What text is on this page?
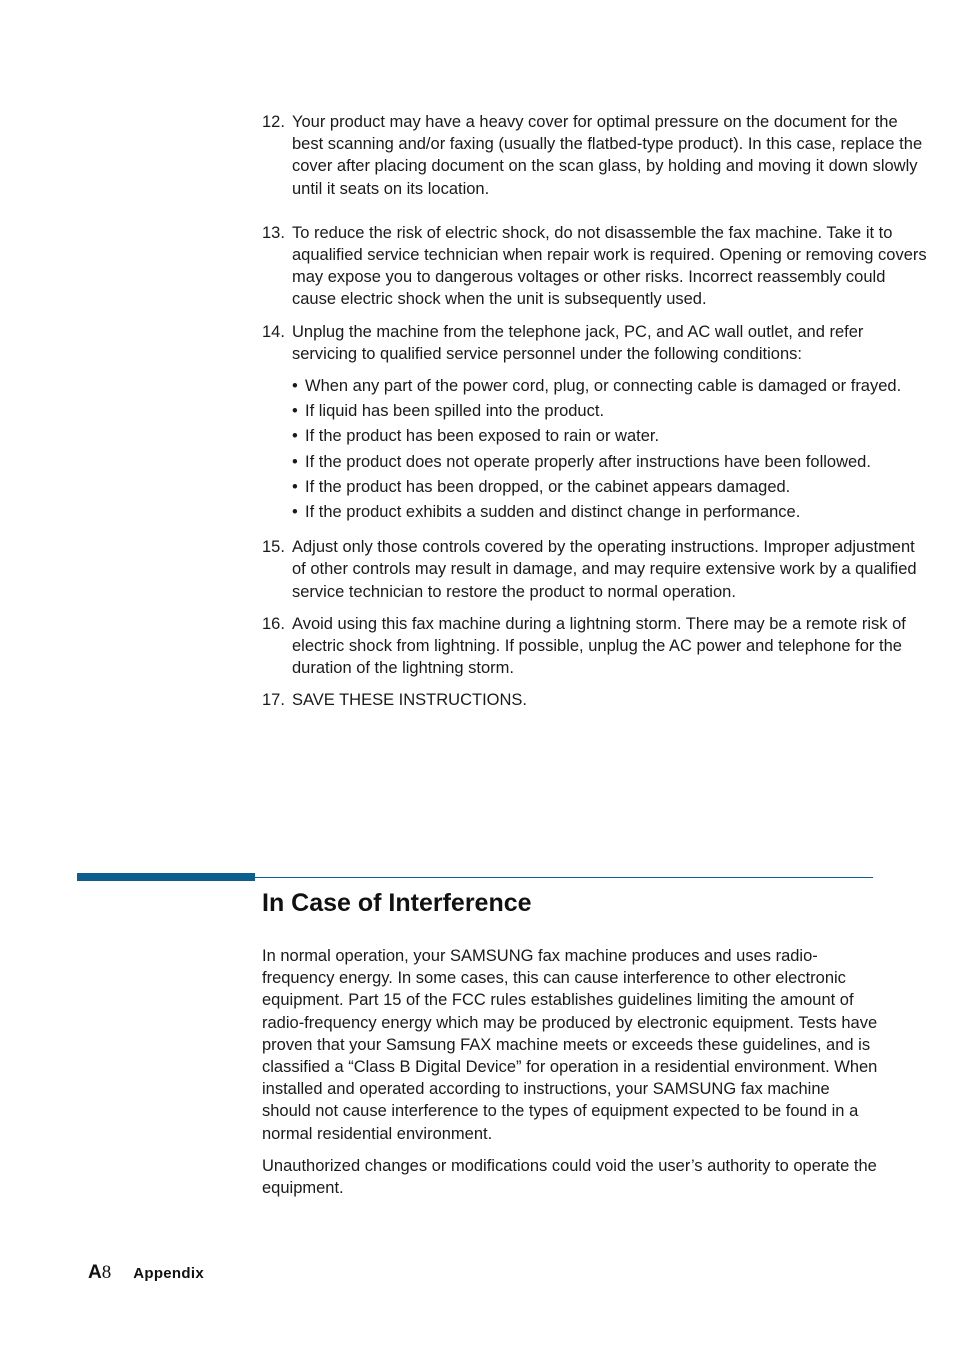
12. Your product may have a heavy cover for optimal pressure on the document for the best scanning and/or faxing (usually the flatbed-type product). In this case, replace the cover after placing document on the scan glass, by holding and moving it down slowly until it seats on its location.
13. To reduce the risk of electric shock, do not disassemble the fax machine. Take it to aqualified service technician when repair work is required. Opening or removing covers may expose you to dangerous voltages or other risks. Incorrect reassembly could cause electric shock when the unit is subsequently used.
14. Unplug the machine from the telephone jack, PC, and AC wall outlet, and refer servicing to qualified service personnel under the following conditions:
• When any part of the power cord, plug, or connecting cable is damaged or frayed.
• If liquid has been spilled into the product.
• If the product has been exposed to rain or water.
• If the product does not operate properly after instructions have been followed.
• If the product has been dropped, or the cabinet appears damaged.
• If the product exhibits a sudden and distinct change in performance.
15. Adjust only those controls covered by the operating instructions. Improper adjustment of other controls may result in damage, and may require extensive work by a qualified service technician to restore the product to normal operation.
16. Avoid using this fax machine during a lightning storm. There may be a remote risk of electric shock from lightning. If possible, unplug the AC power and telephone for the duration of the lightning storm.
17. SAVE THESE INSTRUCTIONS.
In Case of Interference

In normal operation, your SAMSUNG fax machine produces and uses radio-frequency energy. In some cases, this can cause interference to other electronic equipment. Part 15 of the FCC rules establishes guidelines limiting the amount of radio-frequency energy which may be produced by electronic equipment. Tests have proven that your Samsung FAX machine meets or exceeds these guidelines, and is classified a “Class B Digital Device” for operation in a residential environment. When installed and operated according to instructions, your SAMSUNG fax machine should not cause interference to the types of equipment expected to be found in a normal residential environment.

Unauthorized changes or modifications could void the user’s authority to operate the equipment.

A 8 Appendix
